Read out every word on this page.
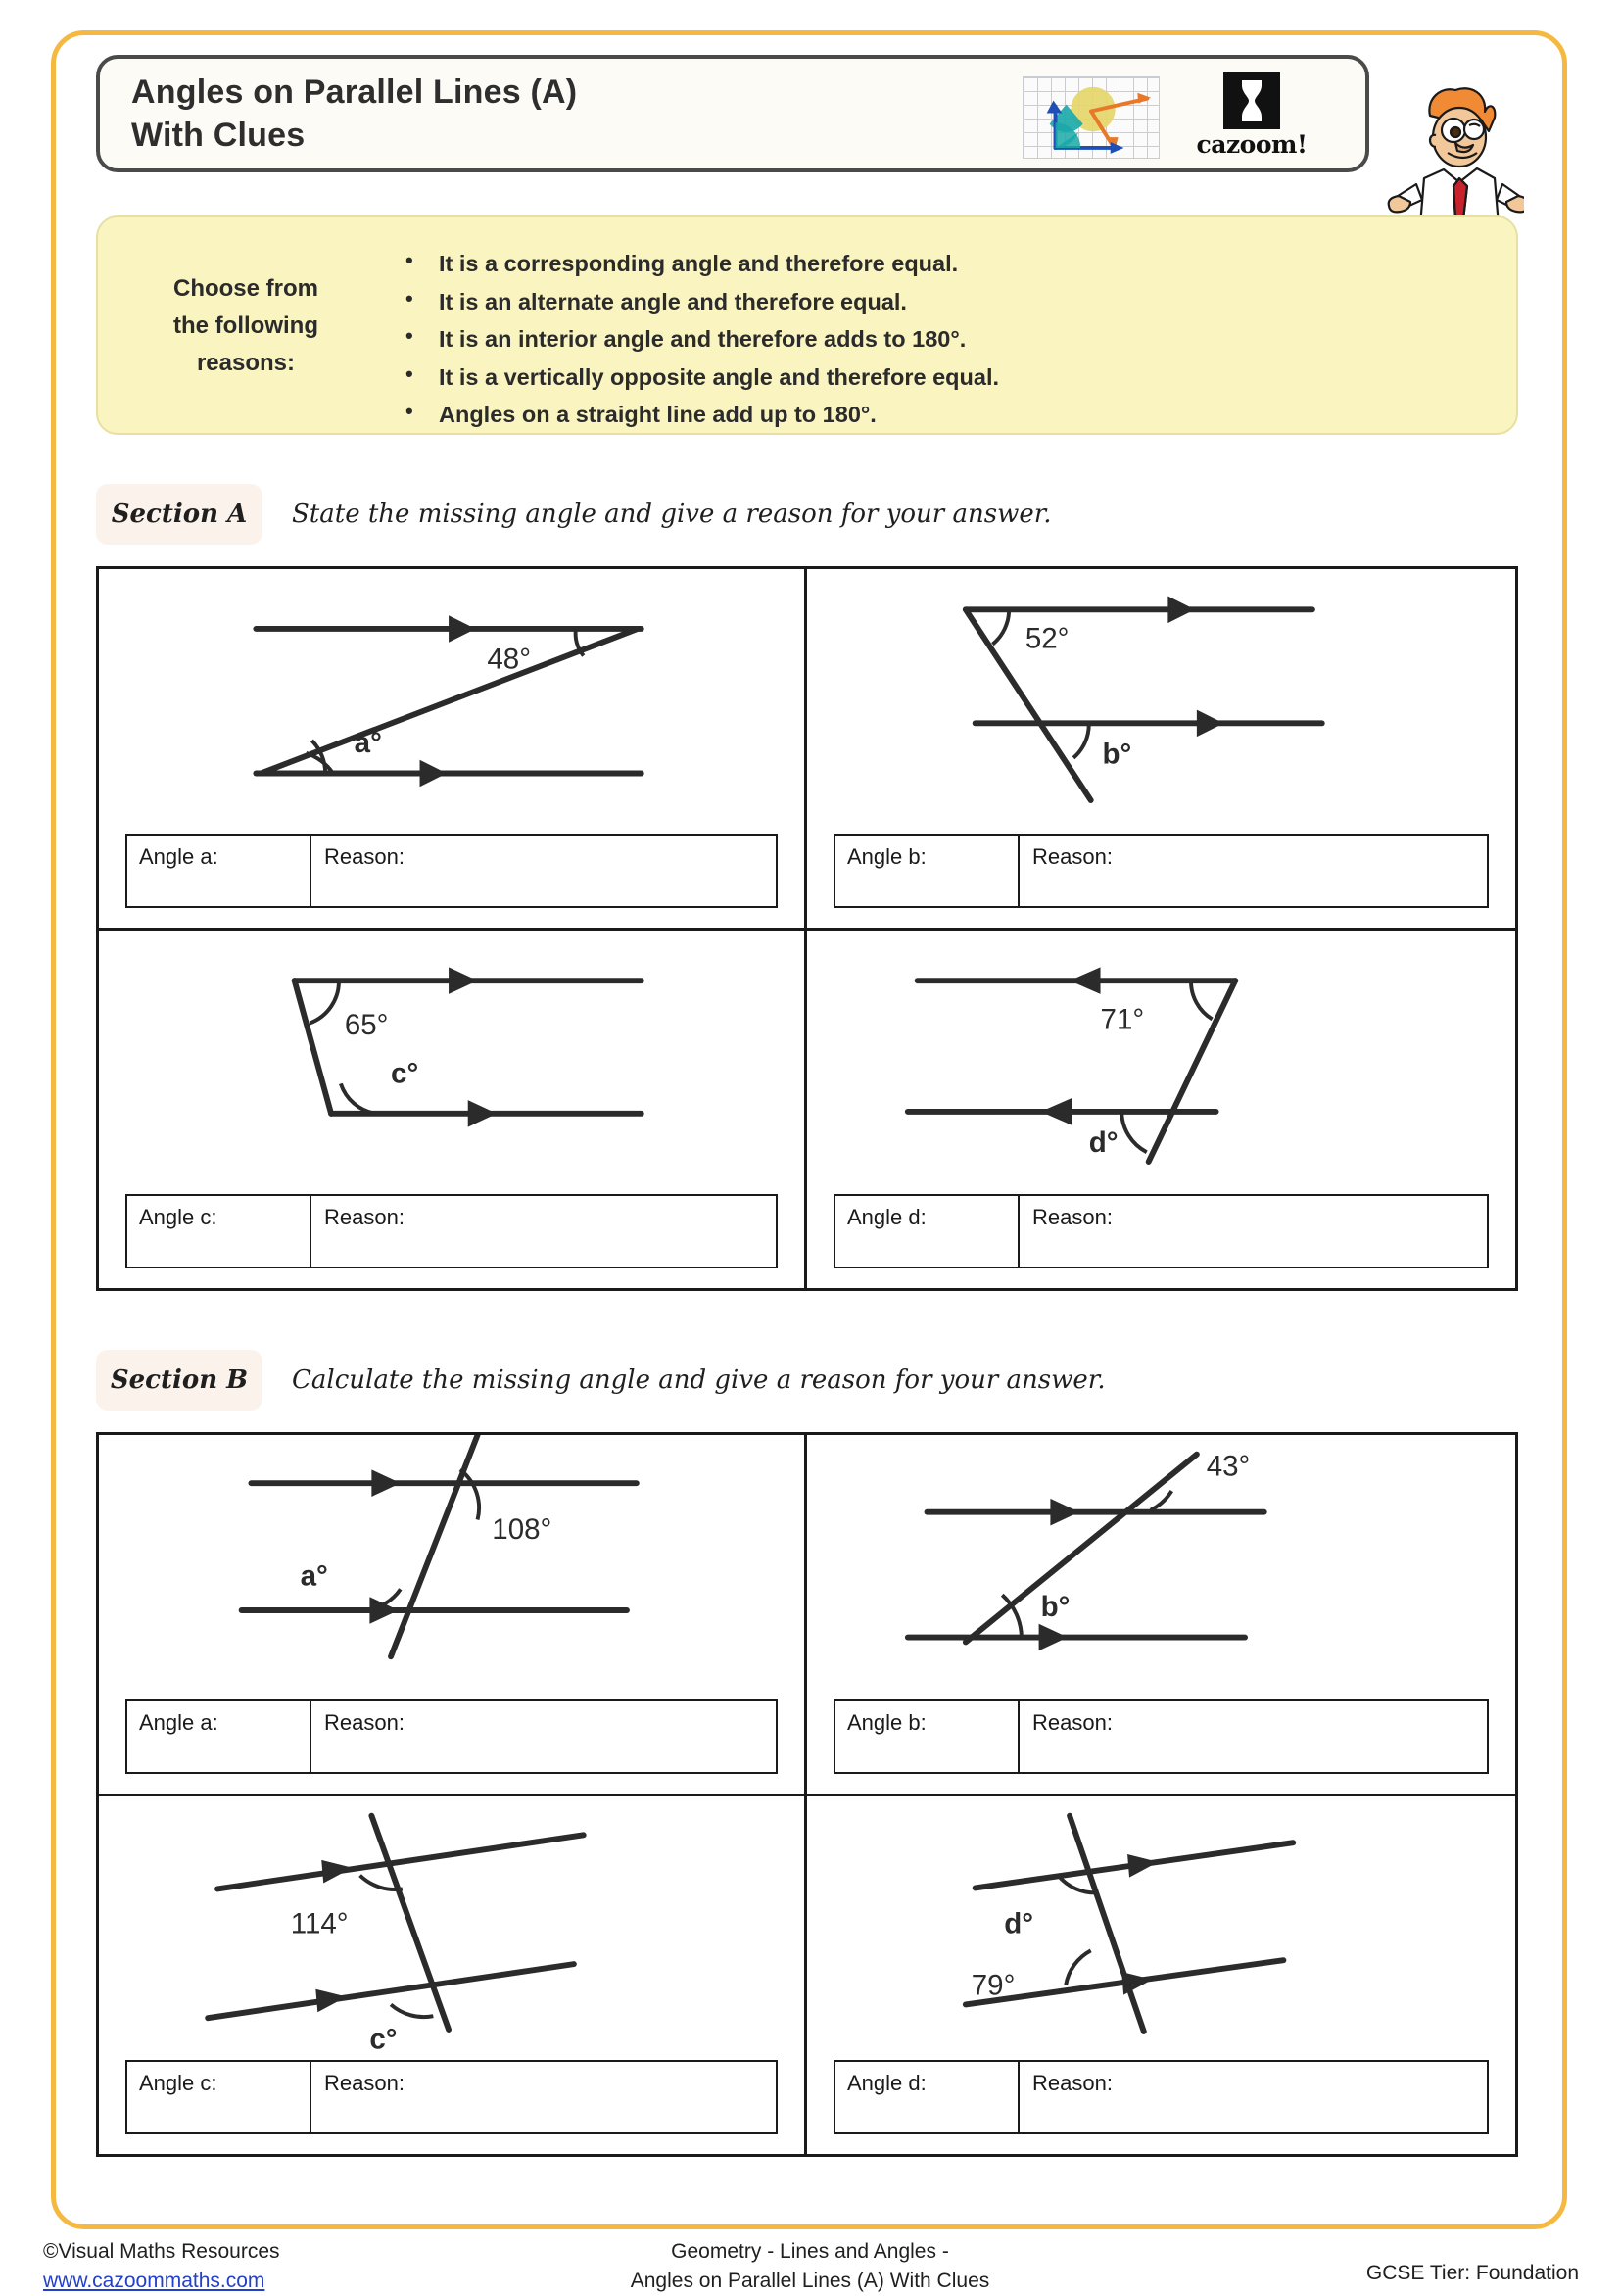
Angles on Parallel Lines (A)
With Clues	cazoom!
Choose from
the following
reasons:
• It is a corresponding angle and therefore equal.
• It is an alternate angle and therefore equal.
• It is an interior angle and therefore adds to 180°.
• It is a vertically opposite angle and therefore equal.
• Angles on a straight line add up to 180°.
Section A	State the missing angle and give a reason for your answer.
48°
a°
Angle a:	Reason:
52°
b°
Angle b:	Reason:
65°
c°
Angle c:	Reason:
71°
d°
Angle d:	Reason:
Section B	Calculate the missing angle and give a reason for your answer.
108°
a°
Angle a:	Reason:
43°
b°
Angle b:	Reason:
114°
c°
Angle c:	Reason:
d°
79°
Angle d:	Reason:
©Visual Maths Resources
www.cazoommaths.com
Geometry - Lines and Angles -
Angles on Parallel Lines (A) With Clues	GCSE Tier: Foundation
